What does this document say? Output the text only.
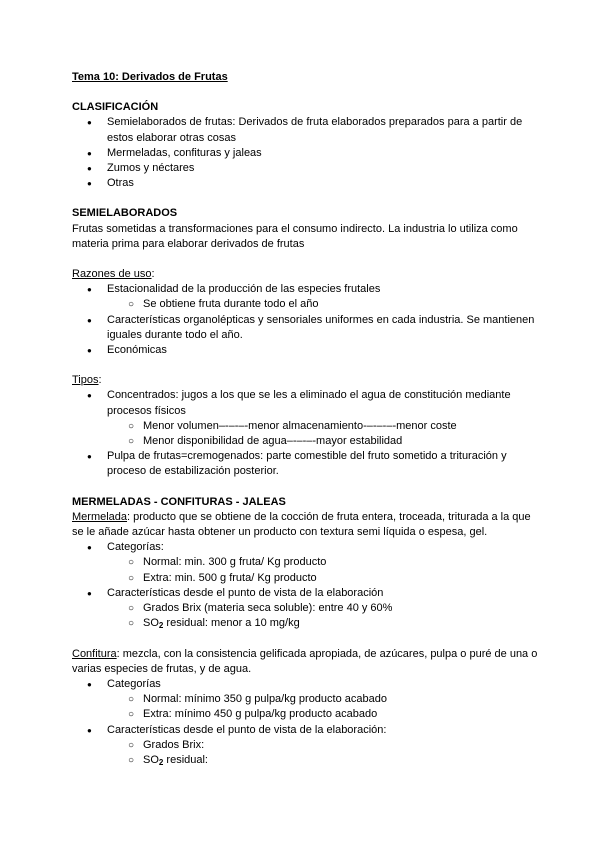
Tema 10: Derivados de Frutas
CLASIFICACIÓN
● Semielaborados de frutas: Derivados de fruta elaborados preparados para a partir de estos elaborar otras cosas
● Mermeladas, confituras y jaleas
● Zumos y néctares
● Otras
SEMIELABORADOS
Frutas sometidas a transformaciones para el consumo indirecto. La industria lo utiliza como materia prima para elaborar derivados de frutas
Razones de uso:
● Estacionalidad de la producción de las especies frutales
○ Se obtiene fruta durante todo el año
● Características organolépticas y sensoriales uniformes en cada industria. Se mantienen iguales durante todo el año.
● Económicas
Tipos:
● Concentrados: jugos a los que se les a eliminado el agua de constitución mediante procesos físicos
○ Menor volumen–-–-–-menor almacenamiento-–-–-–-menor coste
○ Menor disponibilidad de agua–-–-–-mayor estabilidad
● Pulpa de frutas=cremogenados: parte comestible del fruto sometido a trituración y proceso de estabilización posterior.
MERMELADAS - CONFITURAS - JALEAS
Mermelada: producto que se obtiene de la cocción de fruta entera, troceada, triturada a la que se le añade azúcar hasta obtener un producto con textura semi líquida o espesa, gel.
● Categorías:
○ Normal: min. 300 g fruta/ Kg producto
○ Extra: min. 500 g fruta/ Kg producto
● Características desde el punto de vista de la elaboración
○ Grados Brix (materia seca soluble): entre 40 y 60%
○ $SO_2$ residual: menor a 10 mg/kg
Confitura: mezcla, con la consistencia gelificada apropiada, de azúcares, pulpa o puré de una o varias especies de frutas, y de agua.
● Categorías
○ Normal: mínimo 350 g pulpa/kg producto acabado
○ Extra: mínimo 450 g pulpa/kg producto acabado
● Características desde el punto de vista de la elaboración:
○ Grados Brix:
○ $SO_2$ residual:
